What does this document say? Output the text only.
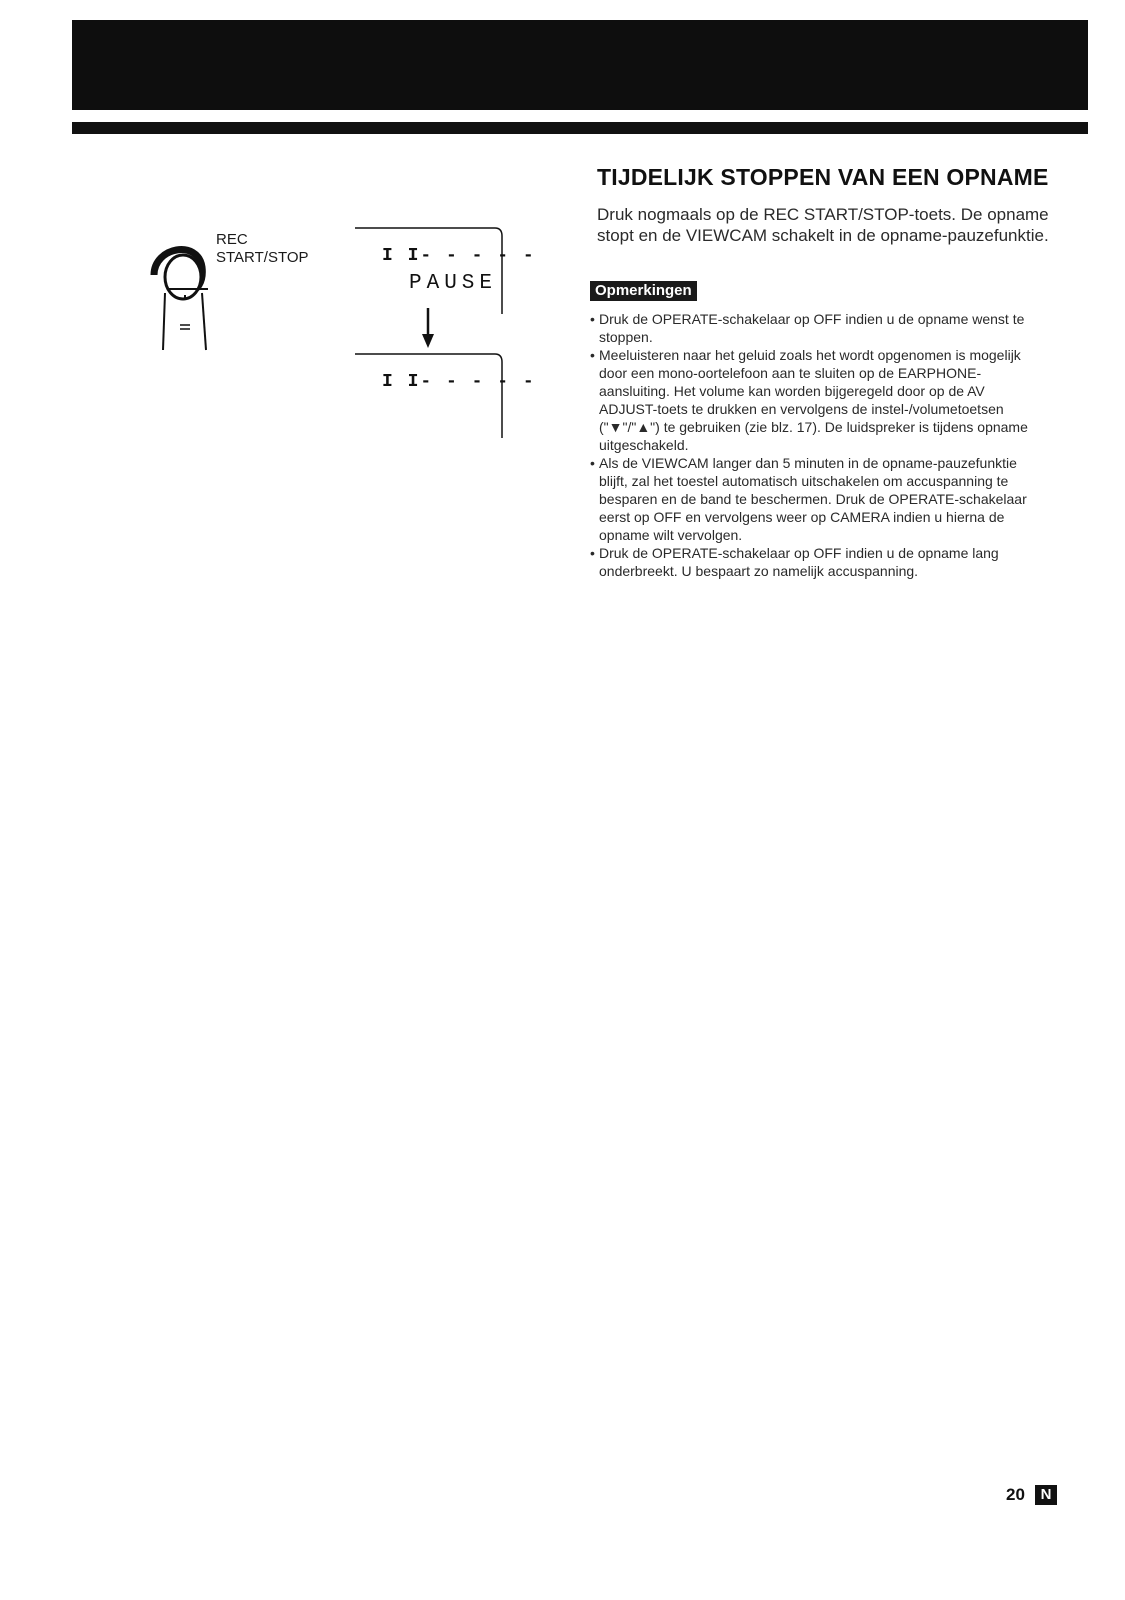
REC
START/STOP	I I- - - - -
PAUSE
I I- - - - -
TIJDELIJK STOPPEN VAN EEN OPNAME

Druk nogmaals op de REC START/STOP-toets. De opname stopt en de VIEWCAM schakelt in de opname-pauzefunktie.

Opmerkingen
• Druk de OPERATE-schakelaar op OFF indien u de opname wenst te stoppen.
• Meeluisteren naar het geluid zoals het wordt opgenomen is mogelijk door een mono-oortelefoon aan te sluiten op de EARPHONE-aansluiting. Het volume kan worden bijgeregeld door op de AV ADJUST-toets te drukken en vervolgens de instel-/volumetoetsen ("▼"/"▲") te gebruiken (zie blz. 17). De luidspreker is tijdens opname uitgeschakeld.
• Als de VIEWCAM langer dan 5 minuten in de opname-pauzefunktie blijft, zal het toestel automatisch uitschakelen om accuspanning te besparen en de band te beschermen. Druk de OPERATE-schakelaar eerst op OFF en vervolgens weer op CAMERA indien u hierna de opname wilt vervolgen.
• Druk de OPERATE-schakelaar op OFF indien u de opname lang onderbreekt. U bespaart zo namelijk accuspanning.
20	N
